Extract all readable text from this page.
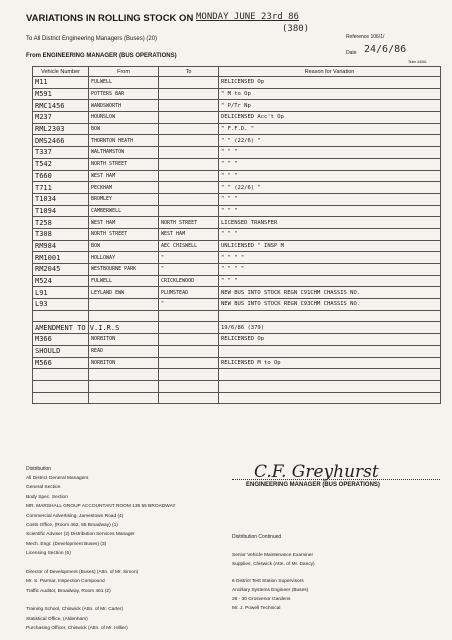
VARIATIONS IN ROLLING STOCK ON MONDAY JUNE 23rd 86
(380)
To All District Engineering Managers (Buses) (20)	Reference 106/1/
Date 24/6/86
From ENGINEERING MANAGER (BUS OPERATIONS)
Telex 44061
Vehicle Number	From	To	Reason for Variation
M11	FULWELL		RELICENSED Op
M591	POTTERS BAR		" M to Op
RMC1456	WANDSWORTH		" P/Tr Np
M237	HOUNSLOW		DELICENSED Acc't Op
RML2303	BOW		" F.F.D. "
DMS2466	THORNTON HEATH		" " (22/6) "
T337	WALTHAMSTOW		" " "
T542	NORTH STREET		" " "
T660	WEST HAM		" " "
T711	PECKHAM		" " (22/6) "
T1034	BROMLEY		" " "
T1094	CAMBERWELL		" " "
T258	WEST HAM	NORTH STREET	LICENSED TRANSFER
T308	NORTH STREET	WEST HAM	" " "
RM984	BOW	AEC CHISWELL	UNLICENSED " INSP M
RM1001	HOLLOWAY	"	" " " "
RM2045	WESTBOURNE PARK	"	" " " "
M524	FULWELL	CRICKLEWOOD	" " "
L91	LEYLAND EWW	PLUMSTEAD	NEW BUS INTO STOCK REGN C91CHM CHASSIS NO.
L93		"	NEW BUS INTO STOCK REGN C93CHM CHASSIS NO.

AMENDMENT TO V.I.R.S			19/6/86 (379)
M366	NORBITON		RELICENSED Op
SHOULD	READ		
M566	NORBITON		RELICENSED M to Op

C.F. Greyhurst
ENGINEERING MANAGER (BUS OPERATIONS)
Distribution
All District General Managers
General Section
Body Spec. Section
MR. MARSHALL GROUP ACCOUNTANT ROOM 135 55 BROADWAY
Commercial Advertising, Jamestown Road (4)
Costs Office, (Room 462, 55 Broadway) (1)
Scientific Adviser (2) Distribution Services Manager
Mech. Engr. (Development Buses) (3)
Licensing Section (5)
Director of Development (Buses) (Attn. of Mr. Simon)
Mr. S. Parmar, Inspection Compound
Traffic Auditor, Broadway, Room 461 (2)
Training School, Chiswick (Attn. of Mr. Carter)
Statistical Office, (Aldenham)
Purchasing Officer, Chiswick (Attn. of Mr. Hillier)
Distribution Continued
Senior Vehicle Maintenance Examiner
Supplies, Chiswick (Attn. of Mr. Dancy)
6 District Test Station Supervisors
Ancillary Systems Engineer (Buses)
28 - 30 Grosvenor Gardens
Mr. J. Powell Technical
